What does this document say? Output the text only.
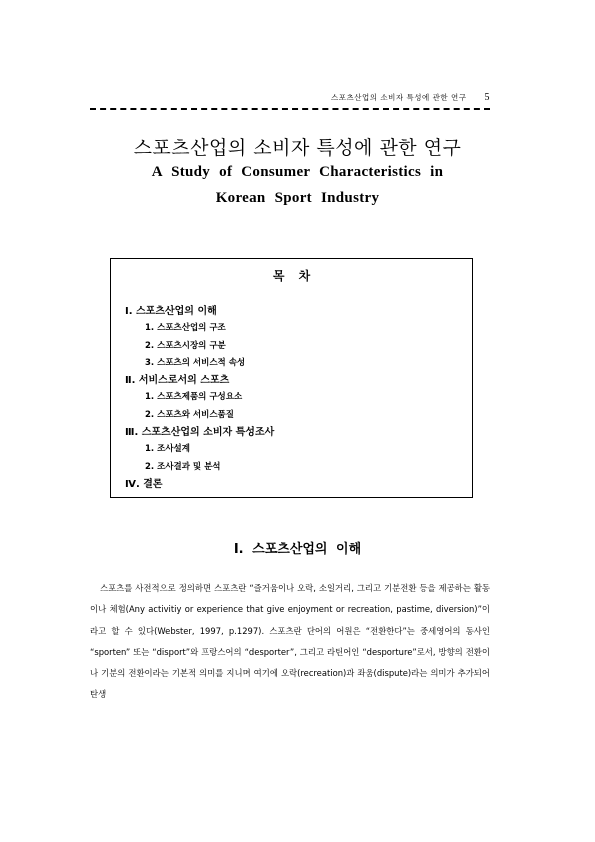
스포츠산업의 소비자 특성에 관한 연구 5
스포츠산업의 소비자 특성에 관한 연구
A Study of Consumer Characteristics in
Korean Sport Industry
목 차
Ⅰ. 스포츠산업의 이해
1. 스포츠산업의 구조
2. 스포츠시장의 구분
3. 스포츠의 서비스적 속성
Ⅱ. 서비스로서의 스포츠
1. 스포츠제품의 구성요소
2. 스포츠와 서비스품질
Ⅲ. 스포츠산업의 소비자 특성조사
1. 조사설계
2. 조사결과 및 분석
Ⅳ. 결론
Ⅰ. 스포츠산업의 이해

스포츠를 사전적으로 정의하면 스포츠란 “즐거움이나 오락, 소일거리, 그리고 기분전환 등을 제공하는 활동이나 체험(Any activitiy or experience that give enjoyment or recreation, pastime, diversion)”이라고 할 수 있다(Webster, 1997, p.1297). 스포츠란 단어의 어원은 “전환한다”는 중세영어의 동사인 “sporten” 또는 “disport”와 프랑스어의 “desporter”, 그리고 라틴어인 “desporture”로서, 방향의 전환이나 기분의 전환이라는 기본적 의미를 지니며 여기에 오락(recreation)과 좌움(dispute)라는 의미가 추가되어 탄생
